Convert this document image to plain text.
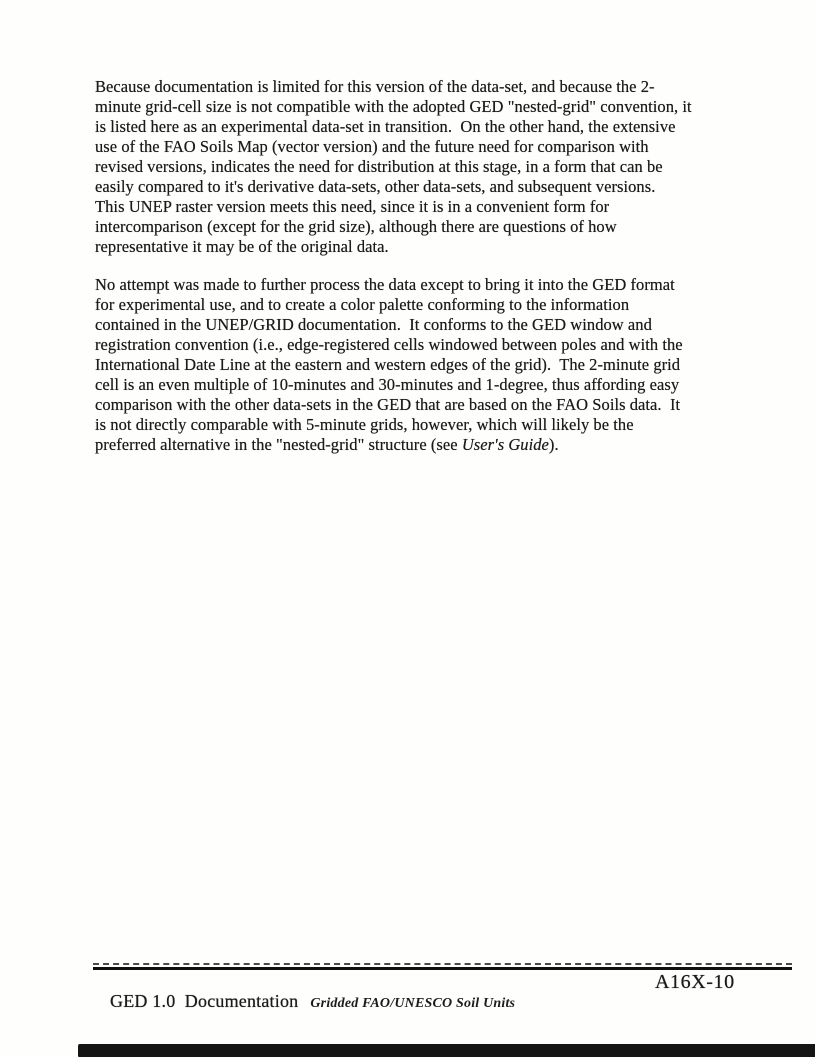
Because documentation is limited for this version of the data-set, and because the 2-
minute grid-cell size is not compatible with the adopted GED "nested-grid" convention, it
is listed here as an experimental data-set in transition.  On the other hand, the extensive
use of the FAO Soils Map (vector version) and the future need for comparison with
revised versions, indicates the need for distribution at this stage, in a form that can be
easily compared to it's derivative data-sets, other data-sets, and subsequent versions.
This UNEP raster version meets this need, since it is in a convenient form for
intercomparison (except for the grid size), although there are questions of how
representative it may be of the original data.
No attempt was made to further process the data except to bring it into the GED format
for experimental use, and to create a color palette conforming to the information
contained in the UNEP/GRID documentation.  It conforms to the GED window and
registration convention (i.e., edge-registered cells windowed between poles and with the
International Date Line at the eastern and western edges of the grid).  The 2-minute grid
cell is an even multiple of 10-minutes and 30-minutes and 1-degree, thus affording easy
comparison with the other data-sets in the GED that are based on the FAO Soils data.  It
is not directly comparable with 5-minute grids, however, which will likely be the
preferred alternative in the "nested-grid" structure (see User's Guide).

GED 1.0  Documentation Gridded FAO/UNESCO Soil Units

A16X-10
